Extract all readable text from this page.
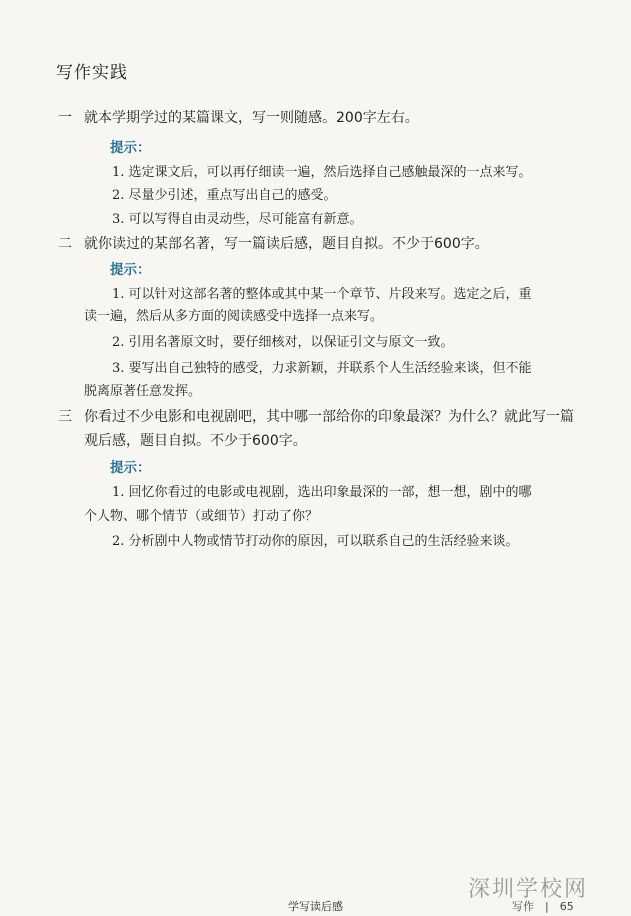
写作实践
一 就本学期学过的某篇课文，写一则随感。200字左右。
提示：
1. 选定课文后，可以再仔细读一遍，然后选择自己感触最深的一点来写。
2. 尽量少引述，重点写出自己的感受。
3. 可以写得自由灵动些，尽可能富有新意。
二 就你读过的某部名著，写一篇读后感，题目自拟。不少于600字。
提示：
1. 可以针对这部名著的整体或其中某一个章节、片段来写。选定之后，重
读一遍，然后从多方面的阅读感受中选择一点来写。
2. 引用名著原文时，要仔细核对，以保证引文与原文一致。
3. 要写出自己独特的感受，力求新颖，并联系个人生活经验来谈，但不能
脱离原著任意发挥。
三 你看过不少电影和电视剧吧，其中哪一部给你的印象最深？为什么？就此写一篇
观后感，题目自拟。不少于600字。
提示：
1. 回忆你看过的电影或电视剧，选出印象最深的一部，想一想，剧中的哪
个人物、哪个情节（或细节）打动了你？
2. 分析剧中人物或情节打动你的原因，可以联系自己的生活经验来谈。
深圳学校网
学写读后感	写作　|　65
